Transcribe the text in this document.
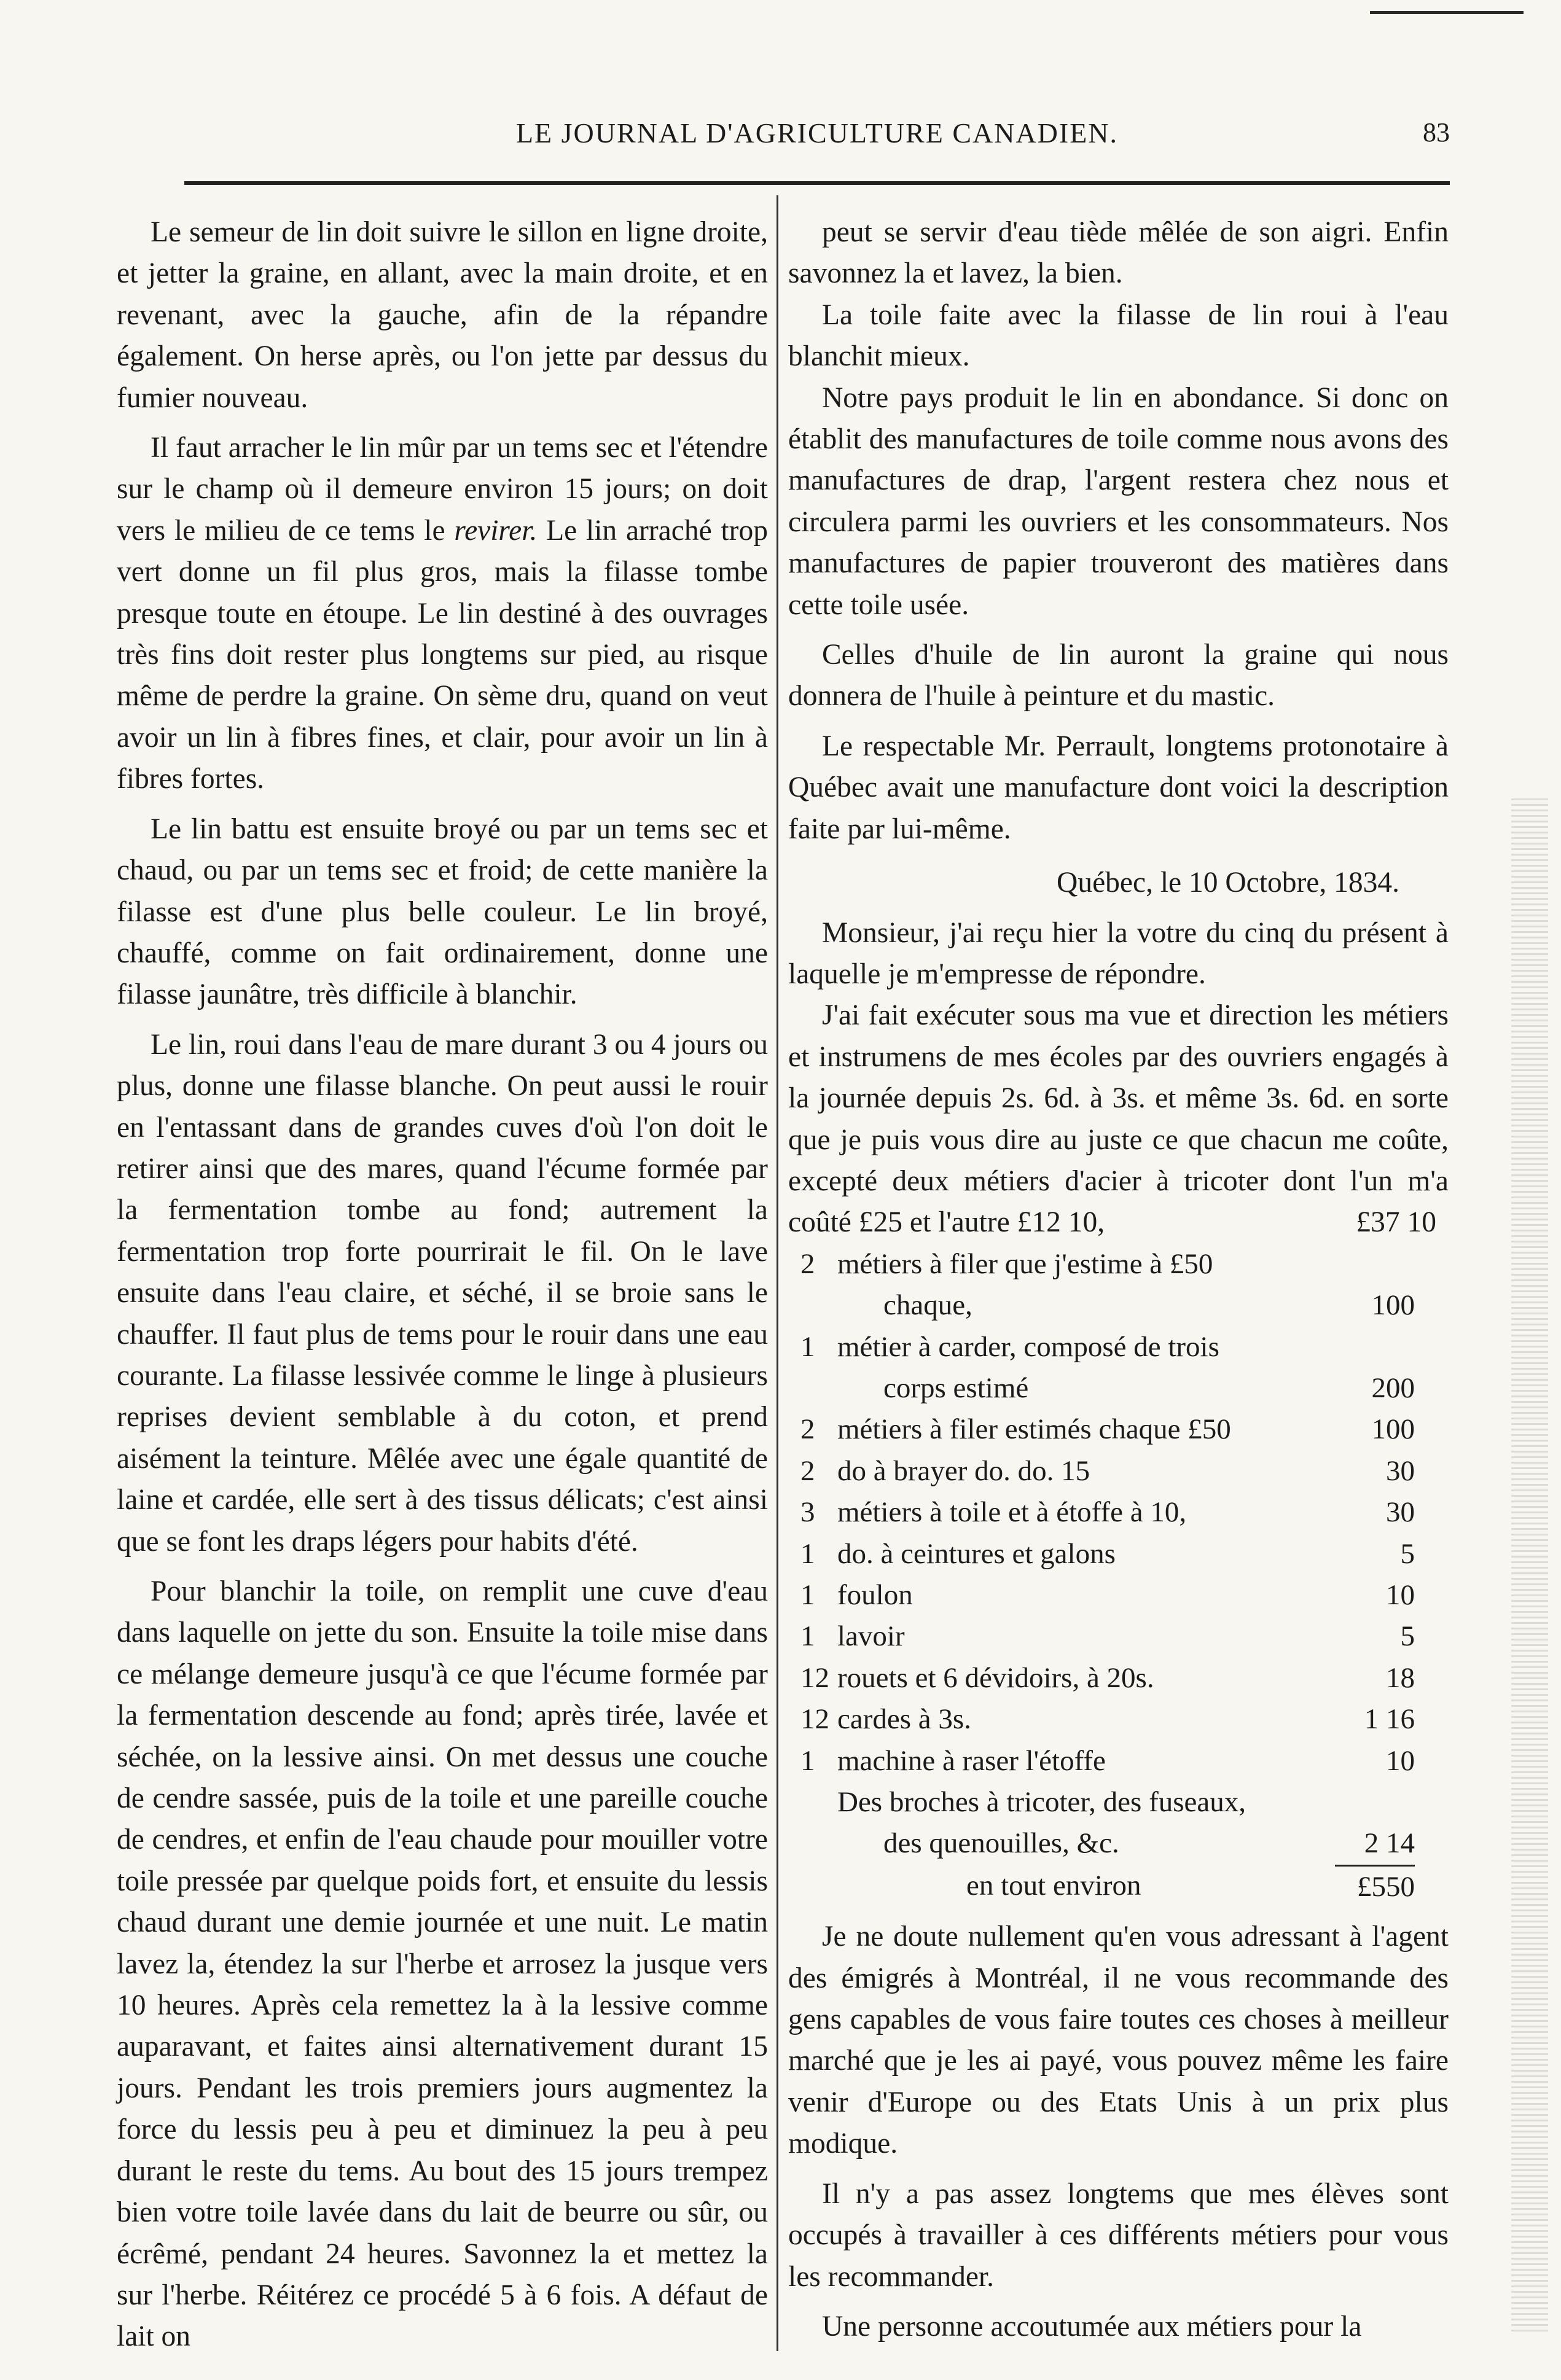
LE JOURNAL D'AGRICULTURE CANADIEN.	83

Le semeur de lin doit suivre le sillon en ligne droite, et jetter la graine, en allant, avec la main droite, et en revenant, avec la gauche, afin de la répandre également. On herse après, ou l'on jette par dessus du fumier nouveau.

Il faut arracher le lin mûr par un tems sec et l'étendre sur le champ où il demeure environ 15 jours; on doit vers le milieu de ce tems le revirer. Le lin arraché trop vert donne un fil plus gros, mais la filasse tombe presque toute en étoupe. Le lin destiné à des ouvrages très fins doit rester plus longtems sur pied, au risque même de perdre la graine. On sème dru, quand on veut avoir un lin à fibres fines, et clair, pour avoir un lin à fibres fortes.

Le lin battu est ensuite broyé ou par un tems sec et chaud, ou par un tems sec et froid; de cette manière la filasse est d'une plus belle couleur. Le lin broyé, chauffé, comme on fait ordinairement, donne une filasse jaunâtre, très difficile à blanchir.

Le lin, roui dans l'eau de mare durant 3 ou 4 jours ou plus, donne une filasse blanche. On peut aussi le rouir en l'entassant dans de grandes cuves d'où l'on doit le retirer ainsi que des mares, quand l'écume formée par la fermentation tombe au fond; autrement la fermentation trop forte pourrirait le fil. On le lave ensuite dans l'eau claire, et séché, il se broie sans le chauffer. Il faut plus de tems pour le rouir dans une eau courante. La filasse lessivée comme le linge à plusieurs reprises devient semblable à du coton, et prend aisément la teinture. Mêlée avec une égale quantité de laine et cardée, elle sert à des tissus délicats; c'est ainsi que se font les draps légers pour habits d'été.

Pour blanchir la toile, on remplit une cuve d'eau dans laquelle on jette du son. Ensuite la toile mise dans ce mélange demeure jusqu'à ce que l'écume formée par la fermentation descende au fond; après tirée, lavée et séchée, on la lessive ainsi. On met dessus une couche de cendre sassée, puis de la toile et une pareille couche de cendres, et enfin de l'eau chaude pour mouiller votre toile pressée par quelque poids fort, et ensuite du lessis chaud durant une demie journée et une nuit. Le matin lavez la, étendez la sur l'herbe et arrosez la jusque vers 10 heures. Après cela remettez la à la lessive comme auparavant, et faites ainsi alternativement durant 15 jours. Pendant les trois premiers jours augmentez la force du lessis peu à peu et diminuez la peu à peu durant le reste du tems. Au bout des 15 jours trempez bien votre toile lavée dans du lait de beurre ou sûr, ou écrêmé, pendant 24 heures. Savonnez la et mettez la sur l'herbe. Réitérez ce procédé 5 à 6 fois. A défaut de lait on

peut se servir d'eau tiède mêlée de son aigri. Enfin savonnez la et lavez, la bien.

La toile faite avec la filasse de lin roui à l'eau blanchit mieux.

Notre pays produit le lin en abondance. Si donc on établit des manufactures de toile comme nous avons des manufactures de drap, l'argent restera chez nous et circulera parmi les ouvriers et les consommateurs. Nos manufactures de papier trouveront des matières dans cette toile usée.

Celles d'huile de lin auront la graine qui nous donnera de l'huile à peinture et du mastic.

Le respectable Mr. Perrault, longtems protonotaire à Québec avait une manufacture dont voici la description faite par lui-même.

Québec, le 10 Octobre, 1834.

Monsieur, j'ai reçu hier la votre du cinq du présent à laquelle je m'empresse de répondre.

J'ai fait exécuter sous ma vue et direction les métiers et instrumens de mes écoles par des ouvriers engagés à la journée depuis 2s. 6d. à 3s. et même 3s. 6d. en sorte que je puis vous dire au juste ce que chacun me coûte, excepté deux métiers d'acier à tricoter dont l'un m'a coûté £25 et l'autre £12 10,	£37 10

2	métiers à filer que j'estime à £50	
	chaque,	100
1	métier à carder, composé de trois	
	corps estimé	200
2	métiers à filer estimés chaque £50	100
2	do à brayer do. do. 15	30
3	métiers à toile et à étoffe à 10,	30
1	do. à ceintures et galons	5
1	foulon	10
1	lavoir	5
12	rouets et 6 dévidoirs, à 20s.	18
12	cardes à 3s.	1 16
1	machine à raser l'étoffe	10
	Des broches à tricoter, des fuseaux,	
	des quenouilles, &c.	2 14
	en tout environ	£550

Je ne doute nullement qu'en vous adressant à l'agent des émigrés à Montréal, il ne vous recommande des gens capables de vous faire toutes ces choses à meilleur marché que je les ai payé, vous pouvez même les faire venir d'Europe ou des Etats Unis à un prix plus modique.

Il n'y a pas assez longtems que mes élèves sont occupés à travailler à ces différents métiers pour vous les recommander.

Une personne accoutumée aux métiers pour la
